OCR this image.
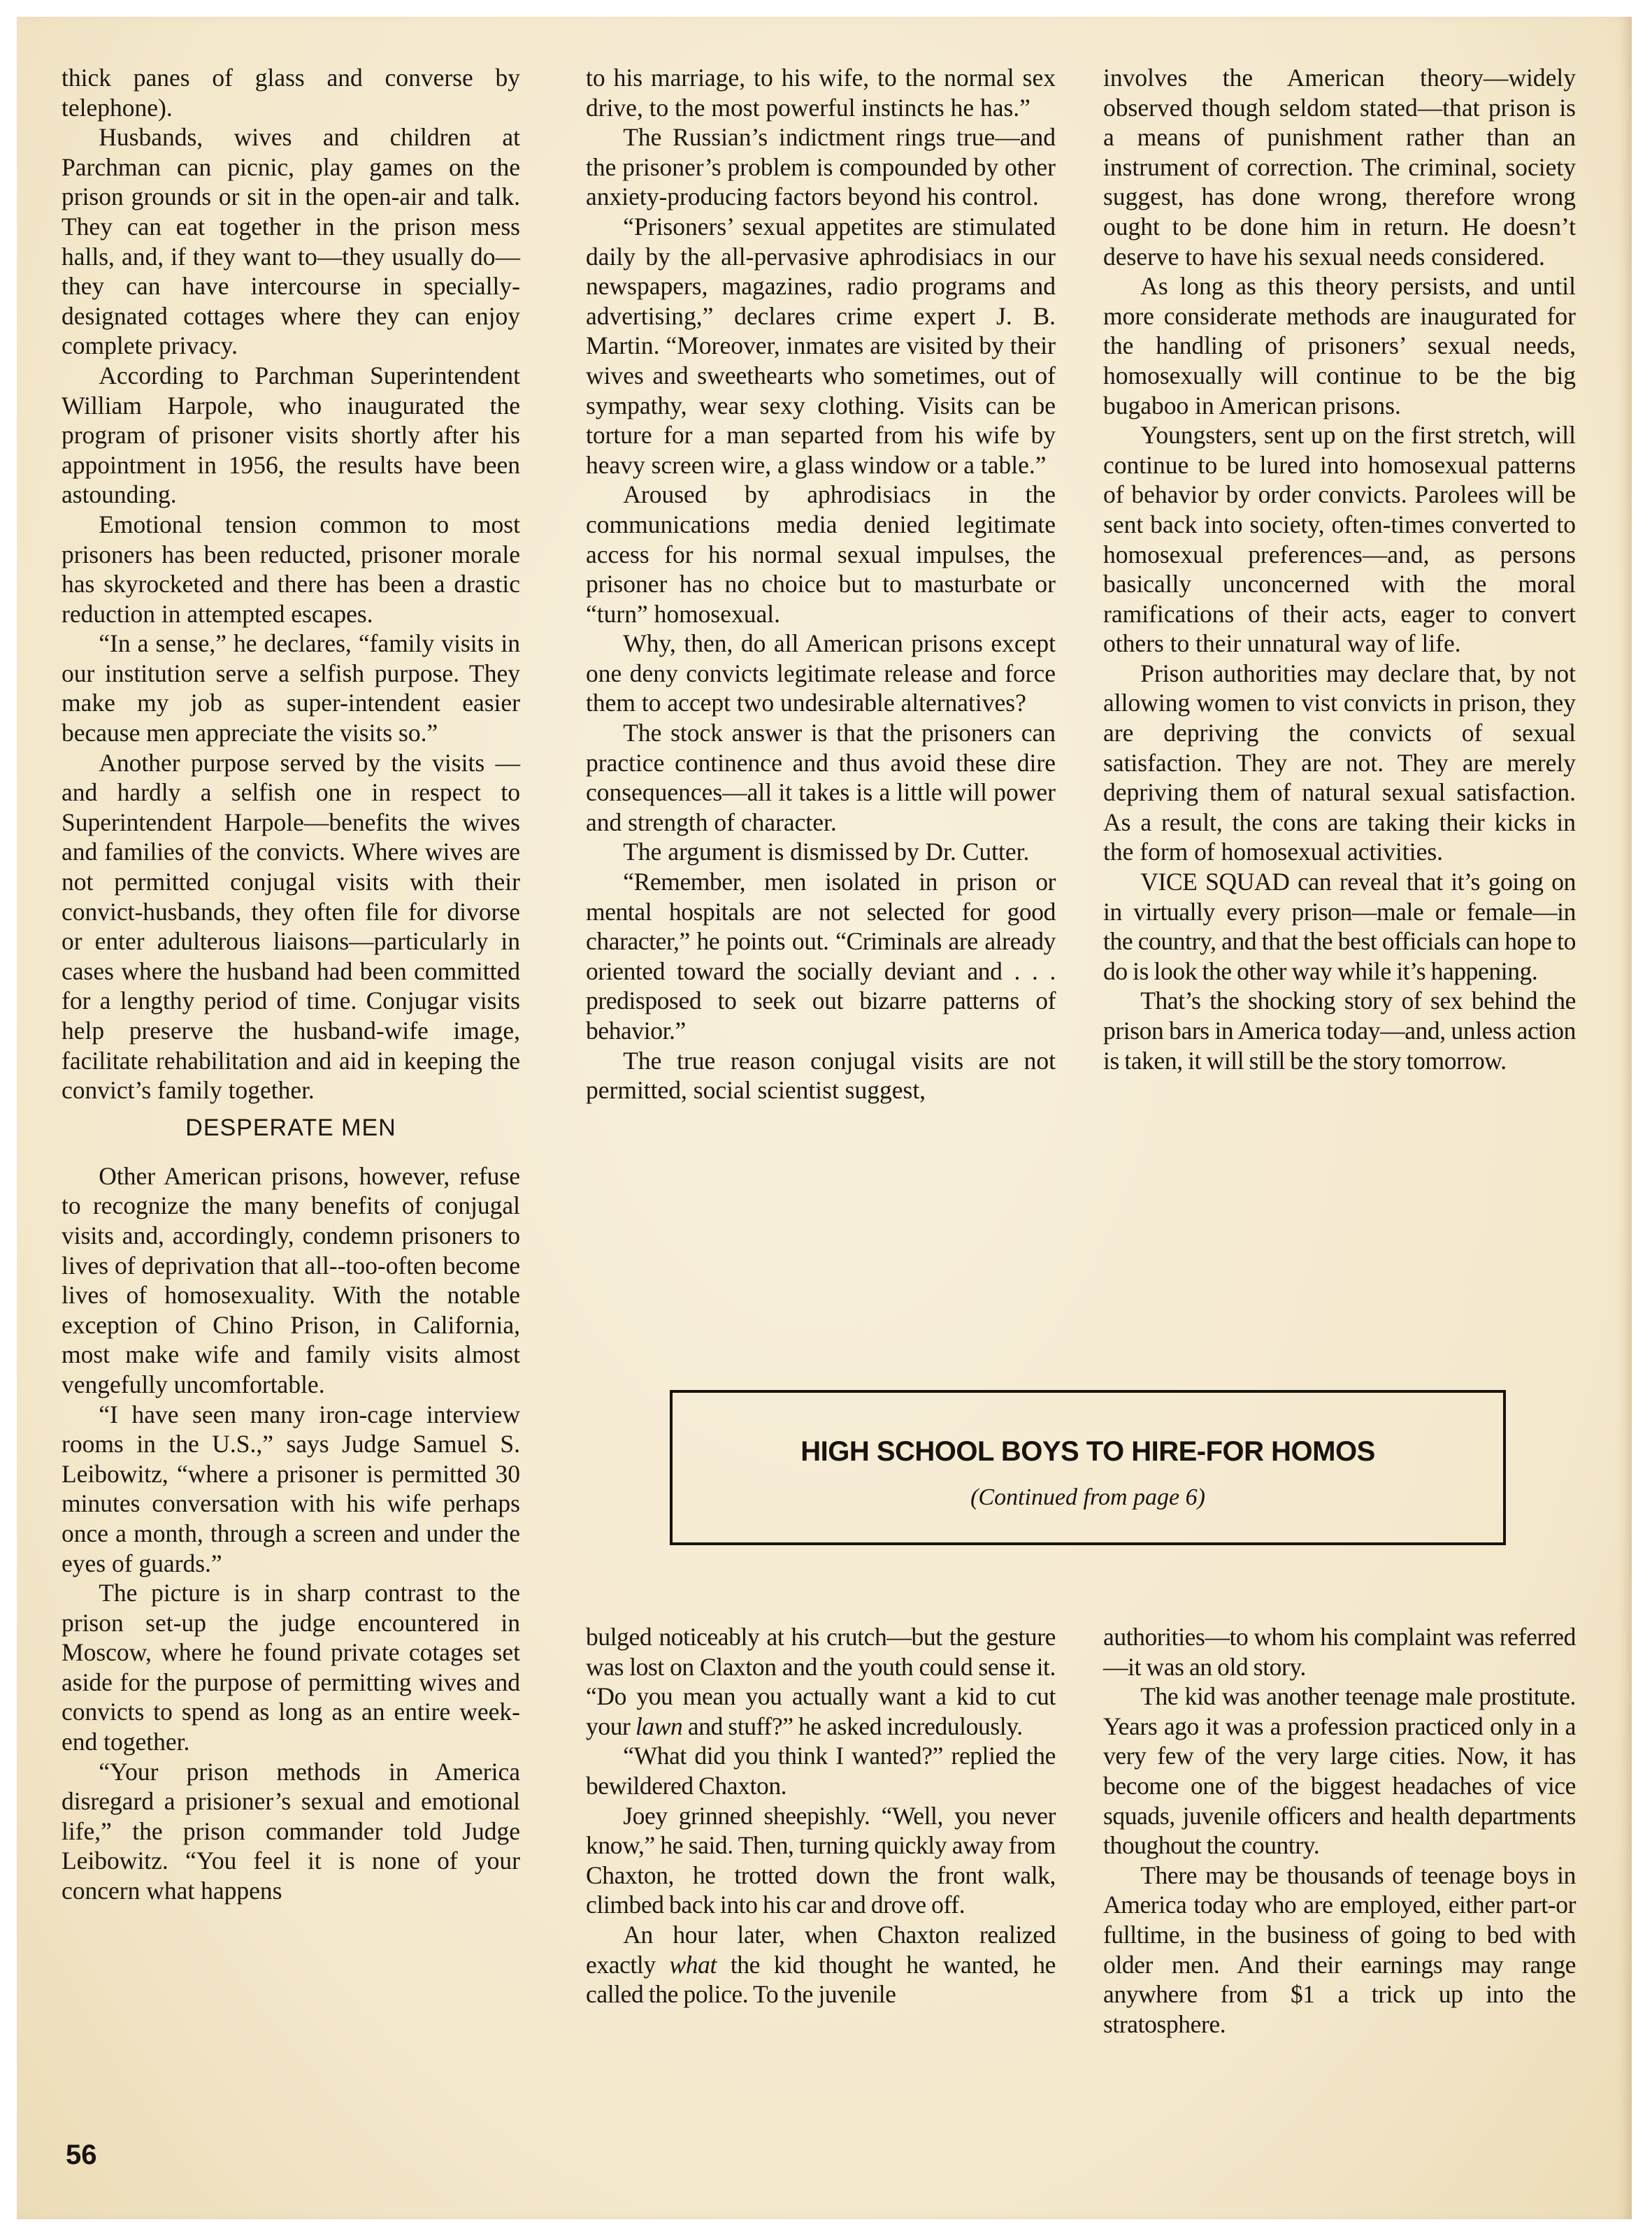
thick panes of glass and converse by telephone).

Husbands, wives and children at Parchman can picnic, play games on the prison grounds or sit in the open-air and talk. They can eat together in the prison mess halls, and, if they want to—they usually do—they can have intercourse in specially-designated cottages where they can enjoy complete privacy.

According to Parchman Superintendent William Harpole, who inaugurated the program of prisoner visits shortly after his appointment in 1956, the results have been astounding.

Emotional tension common to most prisoners has been reducted, prisoner morale has skyrocketed and there has been a drastic reduction in attempted escapes.

“In a sense,” he declares, “family visits in our institution serve a selfish purpose. They make my job as super-intendent easier because men appreciate the visits so.”

Another purpose served by the visits —and hardly a selfish one in respect to Superintendent Harpole—benefits the wives and families of the convicts. Where wives are not permitted conjugal visits with their convict-husbands, they often file for divorse or enter adulterous liaisons—particularly in cases where the husband had been committed for a lengthy period of time. Conjugar visits help preserve the husband-wife image, facilitate rehabilitation and aid in keeping the convict’s family together.

DESPERATE MEN

Other American prisons, however, refuse to recognize the many benefits of conjugal visits and, accordingly, condemn prisoners to lives of deprivation that all--too-often become lives of homosexuality. With the notable exception of Chino Prison, in California, most make wife and family visits almost vengefully uncomfortable.

“I have seen many iron-cage interview rooms in the U.S.,” says Judge Samuel S. Leibowitz, “where a prisoner is permitted 30 minutes conversation with his wife perhaps once a month, through a screen and under the eyes of guards.”

The picture is in sharp contrast to the prison set-up the judge encountered in Moscow, where he found private cotages set aside for the purpose of permitting wives and convicts to spend as long as an entire week-end together.

“Your prison methods in America disregard a prisioner’s sexual and emotional life,” the prison commander told Judge Leibowitz. “You feel it is none of your concern what happens

to his marriage, to his wife, to the normal sex drive, to the most powerful instincts he has.”

The Russian’s indictment rings true—and the prisoner’s problem is compounded by other anxiety-producing factors beyond his control.

“Prisoners’ sexual appetites are stimulated daily by the all-pervasive aphrodisiacs in our newspapers, magazines, radio programs and advertising,” declares crime expert J. B. Martin. “Moreover, inmates are visited by their wives and sweethearts who sometimes, out of sympathy, wear sexy clothing. Visits can be torture for a man separted from his wife by heavy screen wire, a glass window or a table.”

Aroused by aphrodisiacs in the communications media denied legitimate access for his normal sexual impulses, the prisoner has no choice but to masturbate or “turn” homosexual.

Why, then, do all American prisons except one deny convicts legitimate release and force them to accept two undesirable alternatives?

The stock answer is that the prisoners can practice continence and thus avoid these dire consequences—all it takes is a little will power and strength of character.

The argument is dismissed by Dr. Cutter.

“Remember, men isolated in prison or mental hospitals are not selected for good character,” he points out. “Criminals are already oriented toward the socially deviant and . . . predisposed to seek out bizarre patterns of behavior.”

The true reason conjugal visits are not permitted, social scientist suggest,

involves the American theory—widely observed though seldom stated—that prison is a means of punishment rather than an instrument of correction. The criminal, society suggest, has done wrong, therefore wrong ought to be done him in return. He doesn’t deserve to have his sexual needs considered.

As long as this theory persists, and until more considerate methods are inaugurated for the handling of prisoners’ sexual needs, homosexually will continue to be the big bugaboo in American prisons.

Youngsters, sent up on the first stretch, will continue to be lured into homosexual patterns of behavior by order convicts. Parolees will be sent back into society, often-times converted to homosexual preferences—and, as persons basically unconcerned with the moral ramifications of their acts, eager to convert others to their unnatural way of life.

Prison authorities may declare that, by not allowing women to vist convicts in prison, they are depriving the convicts of sexual satisfaction. They are not. They are merely depriving them of natural sexual satisfaction. As a result, the cons are taking their kicks in the form of homosexual activities.

VICE SQUAD can reveal that it’s going on in virtually every prison—male or female—in the country, and that the best officials can hope to do is look the other way while it’s happening.

That’s the shocking story of sex behind the prison bars in America today—and, unless action is taken, it will still be the story tomorrow.

HIGH SCHOOL BOYS TO HIRE-FOR HOMOS
(Continued from page 6)

bulged noticeably at his crutch—but the gesture was lost on Claxton and the youth could sense it. “Do you mean you actually want a kid to cut your lawn and stuff?” he asked incredulously.

“What did you think I wanted?” replied the bewildered Chaxton.

Joey grinned sheepishly. “Well, you never know,” he said. Then, turning quickly away from Chaxton, he trotted down the front walk, climbed back into his car and drove off.

An hour later, when Chaxton realized exactly what the kid thought he wanted, he called the police. To the juvenile

authorities—to whom his complaint was referred—it was an old story.

The kid was another teenage male prostitute. Years ago it was a profession practiced only in a very few of the very large cities. Now, it has become one of the biggest headaches of vice squads, juvenile officers and health departments thoughout the country.

There may be thousands of teenage boys in America today who are employed, either part-or fulltime, in the business of going to bed with older men. And their earnings may range anywhere from $1 a trick up into the stratosphere.

56
